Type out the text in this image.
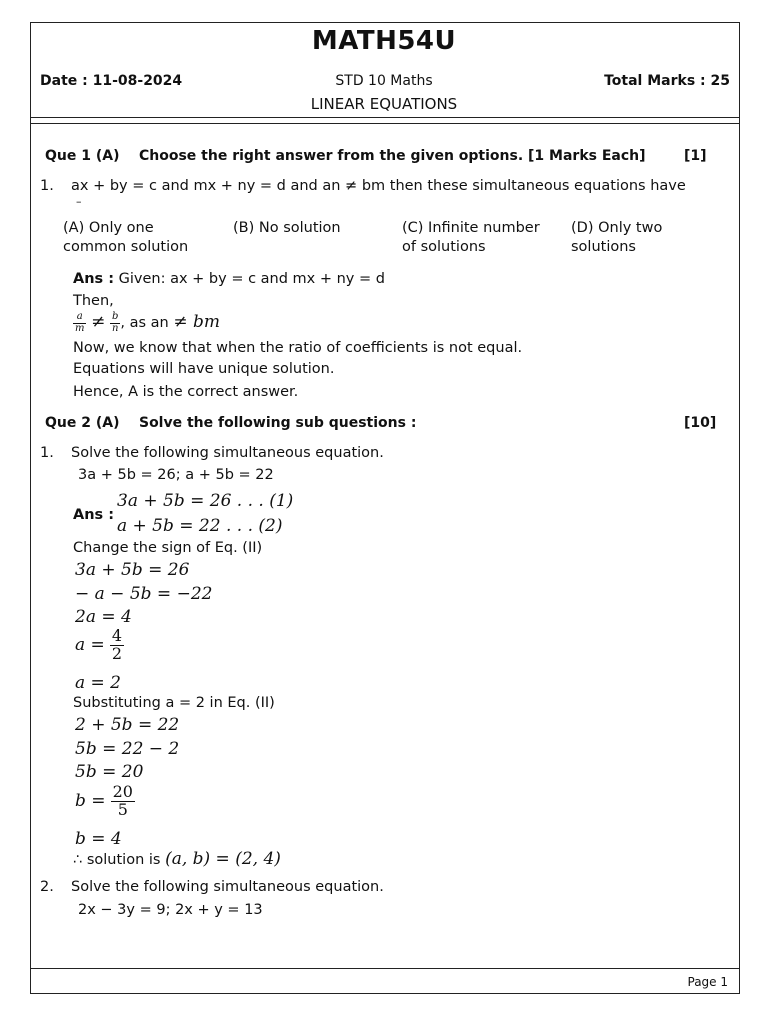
MATH54U
Date : 11-08-2024	STD 10 Maths	Total Marks : 25
LINEAR EQUATIONS
Que 1 (A)    Choose the right answer from the given options. [1 Marks Each]	[1]
1. ax + by = c and mx + ny = d and an ≠ bm then these simultaneous equations have
–
(A) Only one
common solution
(B) No solution	(C) Infinite number
of solutions
(D) Only two
solutions
Ans : Given: ax + by = c and mx + ny = d
Then,
$\frac{a}{m} \ne \frac{b}{n}$ , as an ≠ bm
Now, we know that when the ratio of coefficients is not equal.
Equations will have unique solution.
Hence, A is the correct answer.
Que 2 (A)    Solve the following sub questions :	[10]
1. Solve the following simultaneous equation.
3a + 5b = 26; a + 5b = 22
Ans :
3a + 5b = 26 . . . (1)
a + 5b = 22 . . . (2)
Change the sign of Eq. (II)
3a + 5b = 26
− a − 5b = −22
2a = 4
$a = \frac{4}{2}$
a = 2
Substituting a = 2 in Eq. (II)
2 + 5b = 22
5b = 22 − 2
5b = 20
$b = \frac{20}{5}$
b = 4
∴ solution is (a, b) = (2, 4)
2. Solve the following simultaneous equation.
2x − 3y = 9; 2x + y = 13
Page 1
